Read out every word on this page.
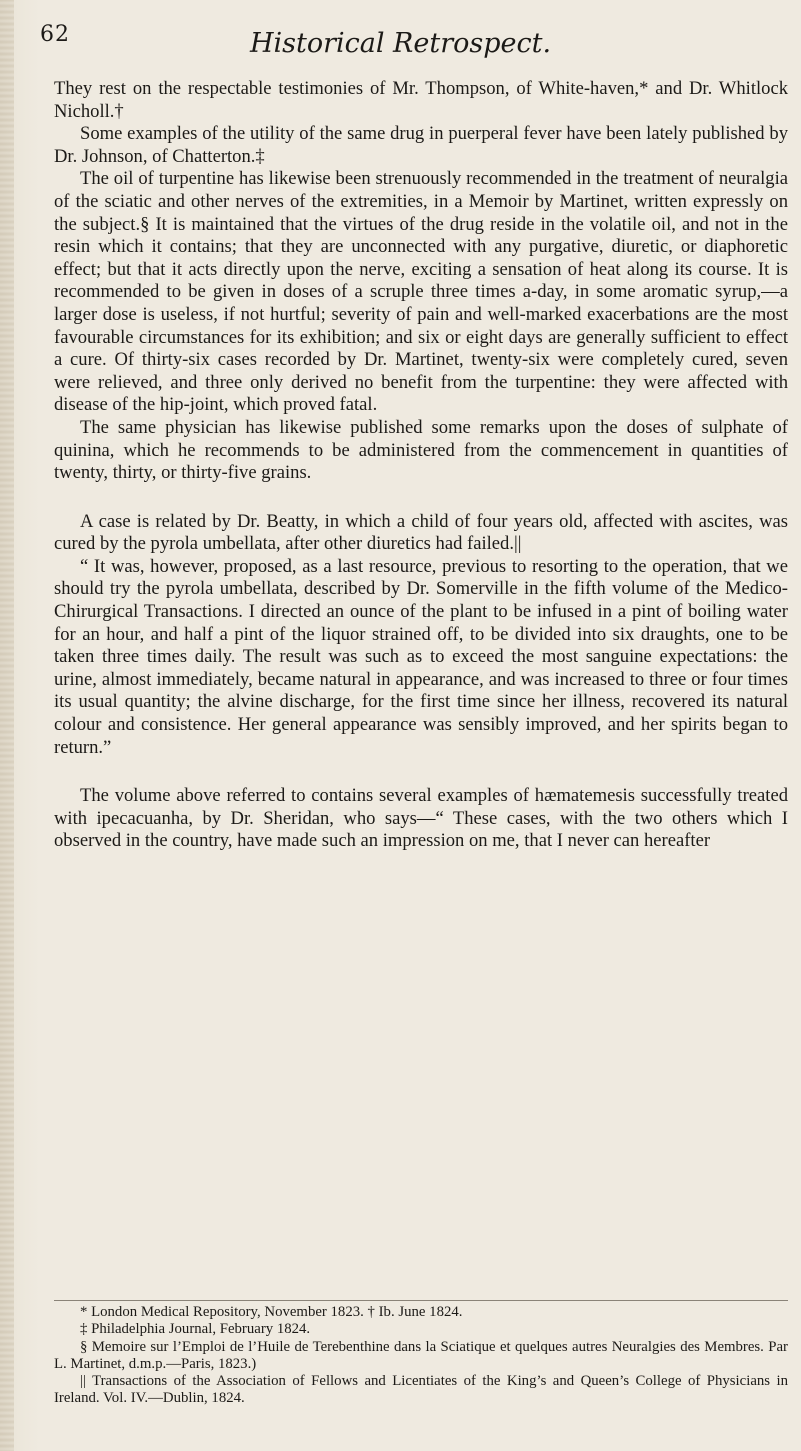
62	Historical Retrospect.

They rest on the respectable testimonies of Mr. Thompson, of White-haven,* and Dr. Whitlock Nicholl.†

Some examples of the utility of the same drug in puerperal fever have been lately published by Dr. Johnson, of Chatterton.‡

The oil of turpentine has likewise been strenuously recommended in the treatment of neuralgia of the sciatic and other nerves of the extremities, in a Memoir by Martinet, written expressly on the subject.§ It is maintained that the virtues of the drug reside in the volatile oil, and not in the resin which it contains; that they are unconnected with any purgative, diuretic, or diaphoretic effect; but that it acts directly upon the nerve, exciting a sensation of heat along its course. It is recommended to be given in doses of a scruple three times a-day, in some aromatic syrup,—a larger dose is useless, if not hurtful; severity of pain and well-marked exacerbations are the most favourable circumstances for its exhibition; and six or eight days are generally sufficient to effect a cure. Of thirty-six cases recorded by Dr. Martinet, twenty-six were completely cured, seven were relieved, and three only derived no benefit from the turpentine: they were affected with disease of the hip-joint, which proved fatal.

The same physician has likewise published some remarks upon the doses of sulphate of quinina, which he recommends to be administered from the commencement in quantities of twenty, thirty, or thirty-five grains.

A case is related by Dr. Beatty, in which a child of four years old, affected with ascites, was cured by the pyrola umbellata, after other diuretics had failed.||

“ It was, however, proposed, as a last resource, previous to resorting to the operation, that we should try the pyrola umbellata, described by Dr. Somerville in the fifth volume of the Medico-Chirurgical Transactions. I directed an ounce of the plant to be infused in a pint of boiling water for an hour, and half a pint of the liquor strained off, to be divided into six draughts, one to be taken three times daily. The result was such as to exceed the most sanguine expectations: the urine, almost immediately, became natural in appearance, and was increased to three or four times its usual quantity; the alvine discharge, for the first time since her illness, recovered its natural colour and consistence. Her general appearance was sensibly improved, and her spirits began to return.”

The volume above referred to contains several examples of hæmatemesis successfully treated with ipecacuanha, by Dr. Sheridan, who says—“ These cases, with the two others which I observed in the country, have made such an impression on me, that I never can hereafter

* London Medical Repository, November 1823. † Ib. June 1824.

‡ Philadelphia Journal, February 1824.

§ Memoire sur l’Emploi de l’Huile de Terebenthine dans la Sciatique et quelques autres Neuralgies des Membres. Par L. Martinet, d.m.p.—Paris, 1823.)

|| Transactions of the Association of Fellows and Licentiates of the King’s and Queen’s College of Physicians in Ireland. Vol. IV.—Dublin, 1824.
